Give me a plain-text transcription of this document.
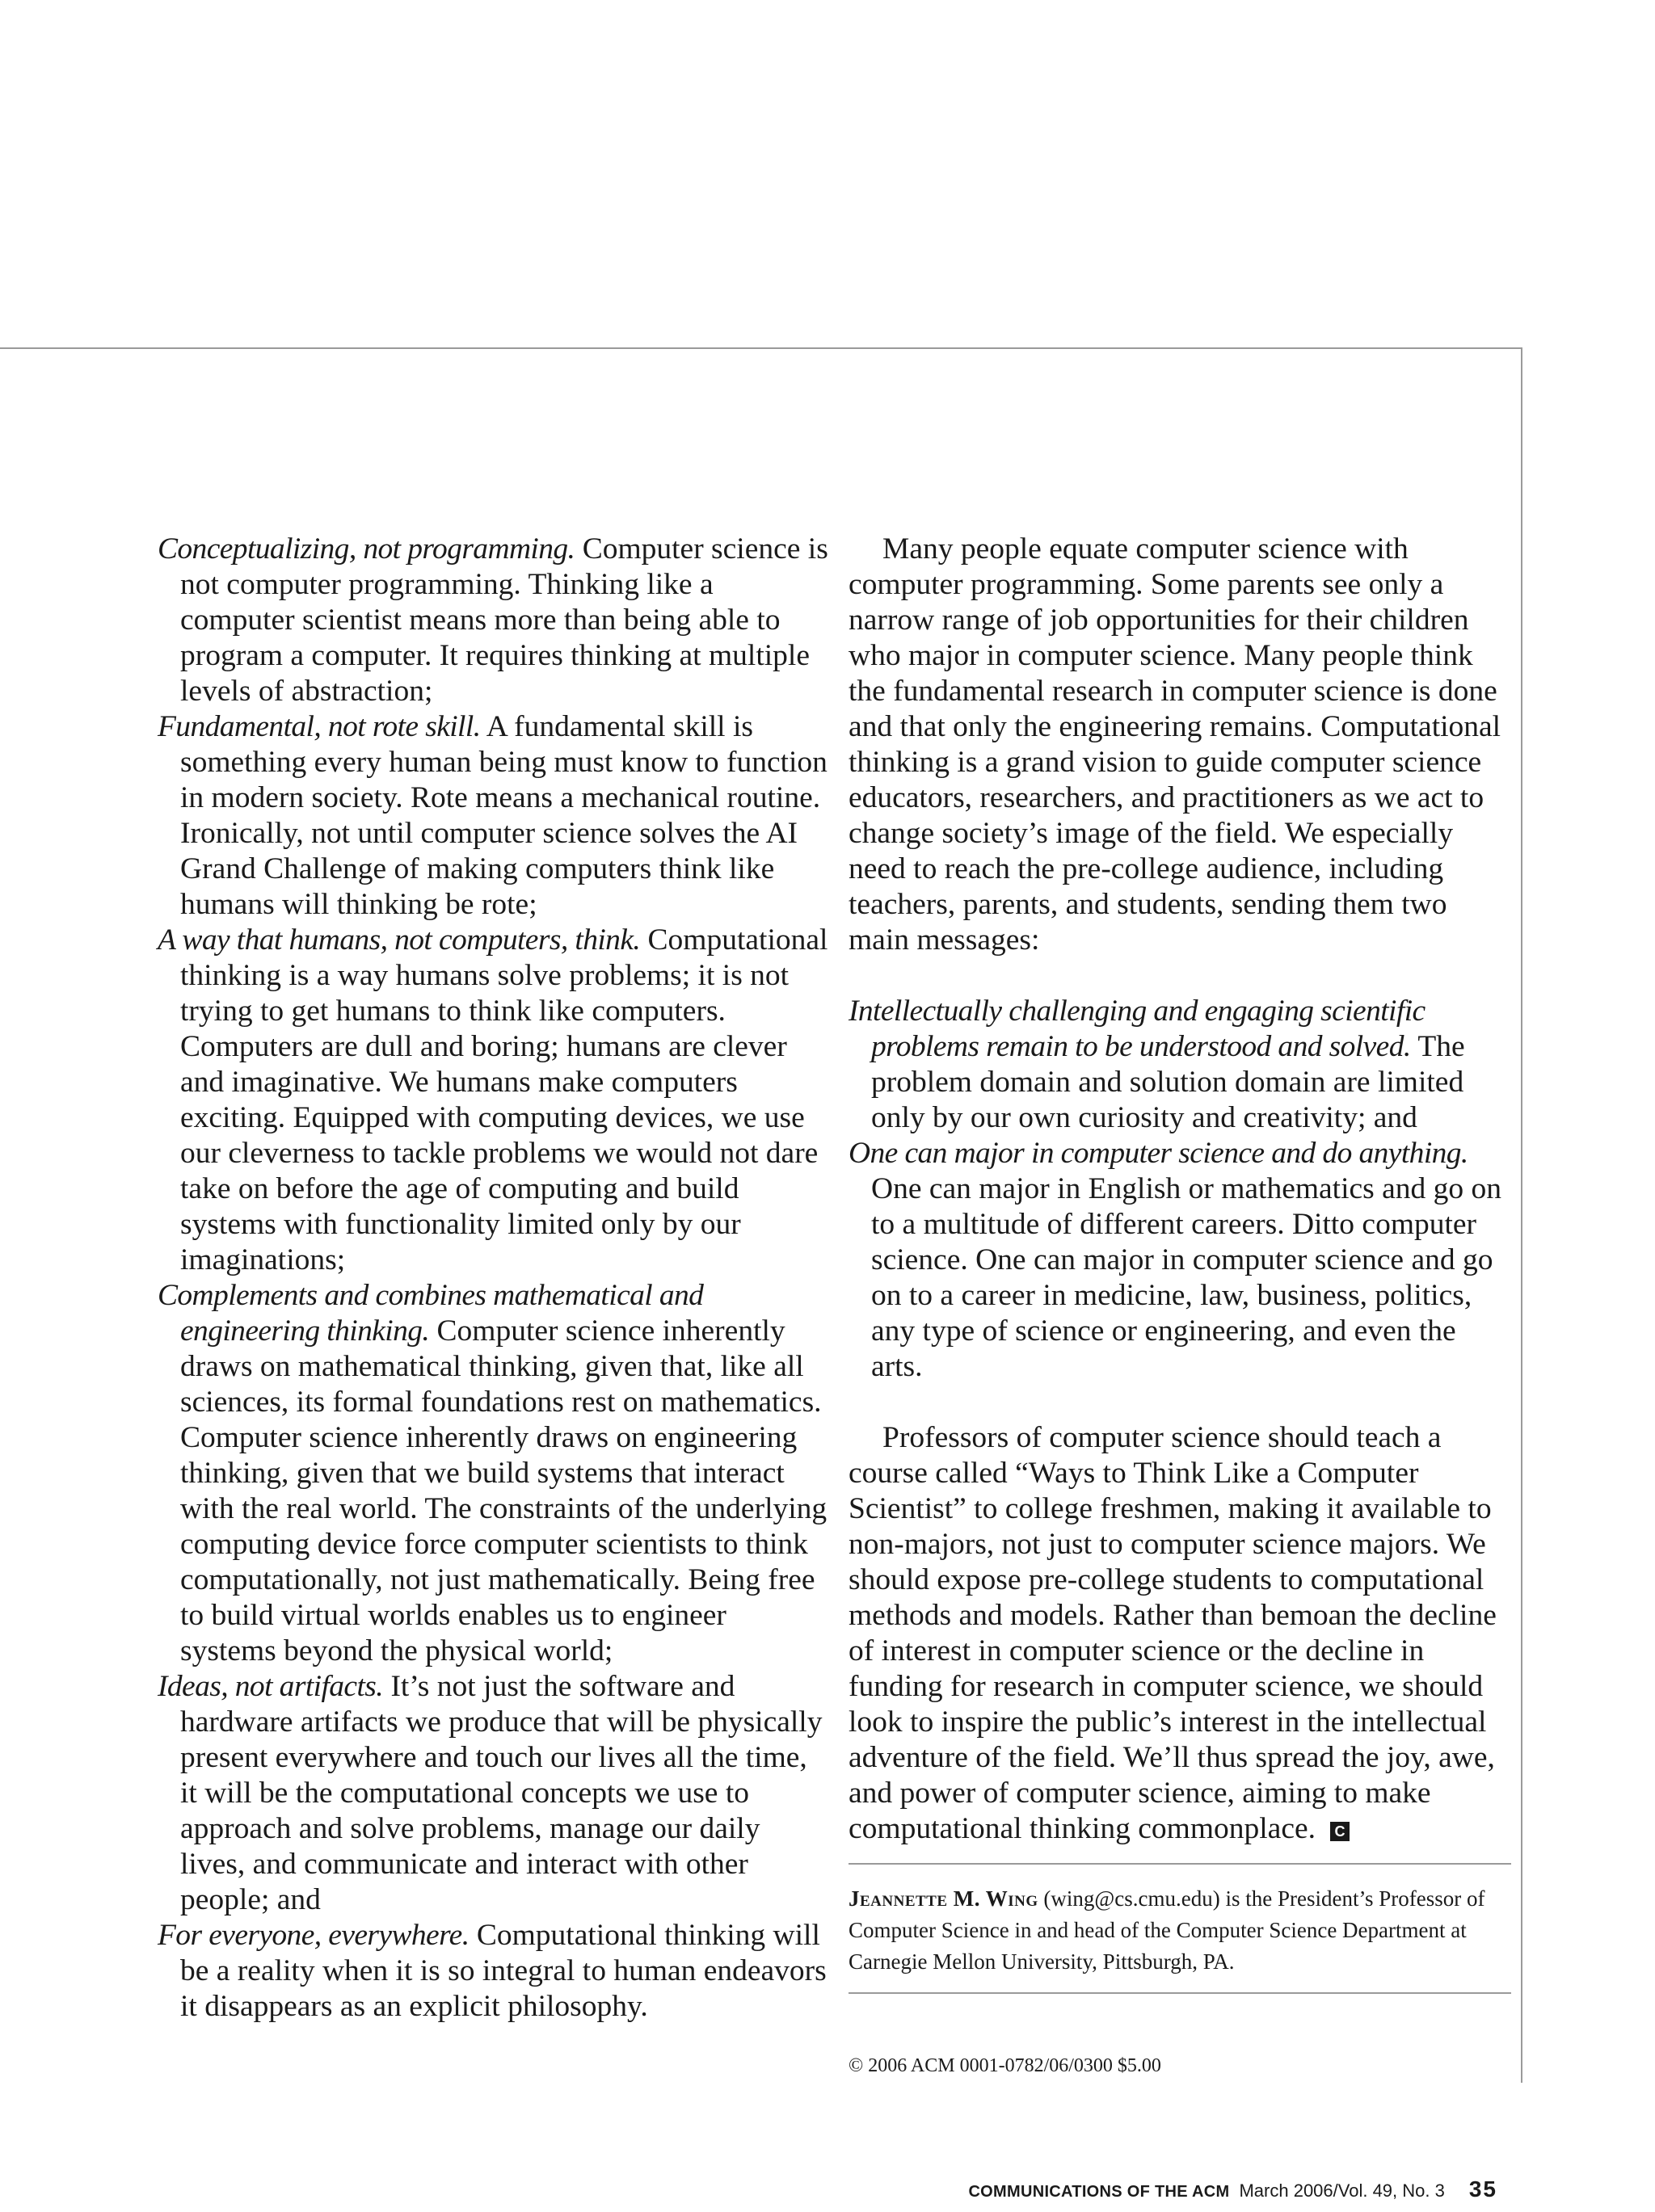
Conceptualizing, not programming. Computer science is not computer programming. Thinking like a computer scientist means more than being able to program a computer. It requires thinking at multiple levels of abstraction;

Fundamental, not rote skill. A fundamental skill is something every human being must know to function in modern society. Rote means a mechanical routine. Ironically, not until computer science solves the AI Grand Challenge of making computers think like humans will thinking be rote;

A way that humans, not computers, think. Computational thinking is a way humans solve problems; it is not trying to get humans to think like computers. Computers are dull and boring; humans are clever and imaginative. We humans make computers exciting. Equipped with computing devices, we use our cleverness to tackle problems we would not dare take on before the age of computing and build systems with functionality limited only by our imaginations;

Complements and combines mathematical and engineering thinking. Computer science inherently draws on mathematical thinking, given that, like all sciences, its formal foundations rest on mathematics. Computer science inherently draws on engineering thinking, given that we build systems that interact with the real world. The constraints of the underlying computing device force computer scientists to think computationally, not just mathematically. Being free to build virtual worlds enables us to engineer systems beyond the physical world;

Ideas, not artifacts. It’s not just the software and hardware artifacts we produce that will be physically present everywhere and touch our lives all the time, it will be the computational concepts we use to approach and solve problems, manage our daily lives, and communicate and interact with other people; and

For everyone, everywhere. Computational thinking will be a reality when it is so integral to human endeavors it disappears as an explicit philosophy.

Many people equate computer science with computer programming. Some parents see only a narrow range of job opportunities for their children who major in computer science. Many people think the fundamental research in computer science is done and that only the engineering remains. Computational thinking is a grand vision to guide computer science educators, researchers, and practitioners as we act to change society’s image of the field. We especially need to reach the pre-college audience, including teachers, parents, and students, sending them two main messages:

Intellectually challenging and engaging scientific problems remain to be understood and solved. The problem domain and solution domain are limited only by our own curiosity and creativity; and

One can major in computer science and do anything. One can major in English or mathematics and go on to a multitude of different careers. Ditto computer science. One can major in computer science and go on to a career in medicine, law, business, politics, any type of science or engineering, and even the arts.

Professors of computer science should teach a course called “Ways to Think Like a Computer Scientist” to college freshmen, making it available to non-majors, not just to computer science majors. We should expose pre-college students to computational methods and models. Rather than bemoan the decline of interest in computer science or the decline in funding for research in computer science, we should look to inspire the public’s interest in the intellectual adventure of the field. We’ll thus spread the joy, awe, and power of computer science, aiming to make computational thinking commonplace. C

Jeannette M. Wing (wing@cs.cmu.edu) is the President’s Professor of Computer Science in and head of the Computer Science Department at Carnegie Mellon University, Pittsburgh, PA.

© 2006 ACM 0001-0782/06/0300 $5.00

COMMUNICATIONS OF THE ACM March 2006/Vol. 49, No. 3 35
